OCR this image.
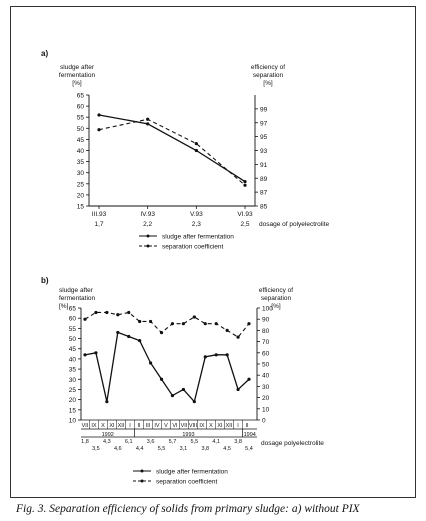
a)
sludge after
fermentation
[%]
efficiency of
separation
[%]
15
20
25
30
35
40
45
50
55
60
65
85
87
89
91
93
95
97
99
III.93
1,7
IV.93
2,2
V.93
2,3
VI.93
2,5 dosage of polyelectrolite
sludge after fermentation
separation coefficient
b)
sludge after
fermentation
[%]
efficiency of
separation
[%]
10
15
20
25
30
35
40
45
50
55
60
65
0
10
20
30
40
50
60
70
80
90
100
VII IX X XI XII I II III IV V VI VII VIII IX X XI XII I II
1992	1993	1994
1,8
3,5
4,3
4,6
6,1
4,4
3,6
5,5
5,7
3,1
5,5
3,8
4,1
4,5
3,8
5,4
dosage polyelectrolite
sludge after fermentation
separation coefficient
Fig. 3. Separation efficiency of solids from primary sludge: a) without PIX
